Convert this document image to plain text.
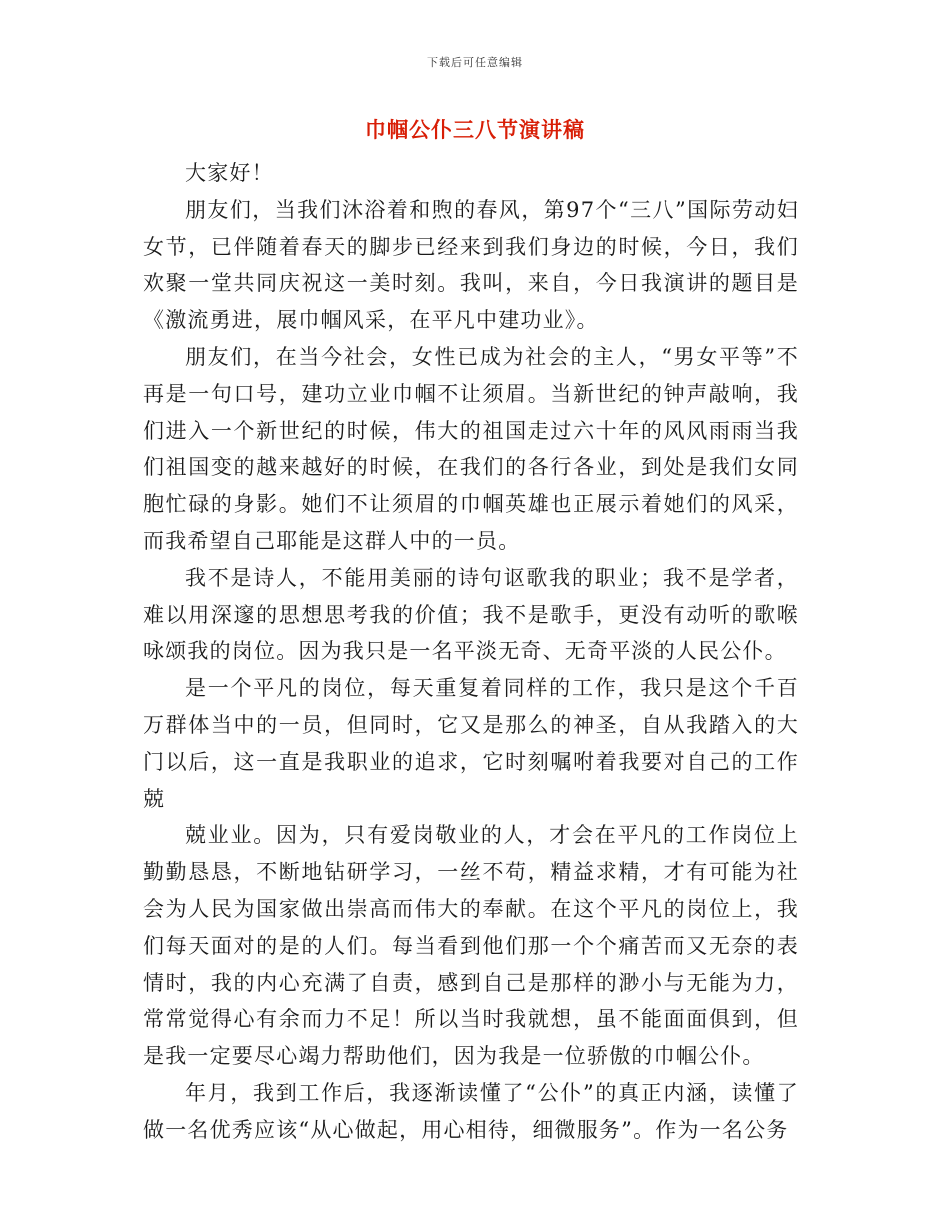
下载后可任意编辑
巾帼公仆三八节演讲稿

大家好！

朋友们，当我们沐浴着和煦的春风，第97个“三八”国际劳动妇女节，已伴随着春天的脚步已经来到我们身边的时候，今日，我们欢聚一堂共同庆祝这一美时刻。我叫，来自，今日我演讲的题目是《激流勇进，展巾帼风采，在平凡中建功业》。

朋友们，在当今社会，女性已成为社会的主人，“男女平等”不再是一句口号，建功立业巾帼不让须眉。当新世纪的钟声敲响，我们进入一个新世纪的时候，伟大的祖国走过六十年的风风雨雨当我们祖国变的越来越好的时候，在我们的各行各业，到处是我们女同胞忙碌的身影。她们不让须眉的巾帼英雄也正展示着她们的风采，而我希望自己耶能是这群人中的一员。

我不是诗人，不能用美丽的诗句讴歌我的职业；我不是学者，难以用深邃的思想思考我的价值；我不是歌手，更没有动听的歌喉咏颂我的岗位。因为我只是一名平淡无奇、无奇平淡的人民公仆。

是一个平凡的岗位，每天重复着同样的工作，我只是这个千百万群体当中的一员，但同时，它又是那么的神圣，自从我踏入的大门以后，这一直是我职业的追求，它时刻嘱咐着我要对自己的工作兢

兢业业。因为，只有爱岗敬业的人，才会在平凡的工作岗位上勤勤恳恳，不断地钻研学习，一丝不苟，精益求精，才有可能为社会为人民为国家做出崇高而伟大的奉献。在这个平凡的岗位上，我们每天面对的是的人们。每当看到他们那一个个痛苦而又无奈的表情时，我的内心充满了自责，感到自己是那样的渺小与无能为力，常常觉得心有余而力不足！所以当时我就想，虽不能面面俱到，但是我一定要尽心竭力帮助他们，因为我是一位骄傲的巾帼公仆。

年月，我到工作后，我逐渐读懂了“公仆”的真正内涵，读懂了做一名优秀应该“从心做起，用心相待，细微服务”。作为一名公务
